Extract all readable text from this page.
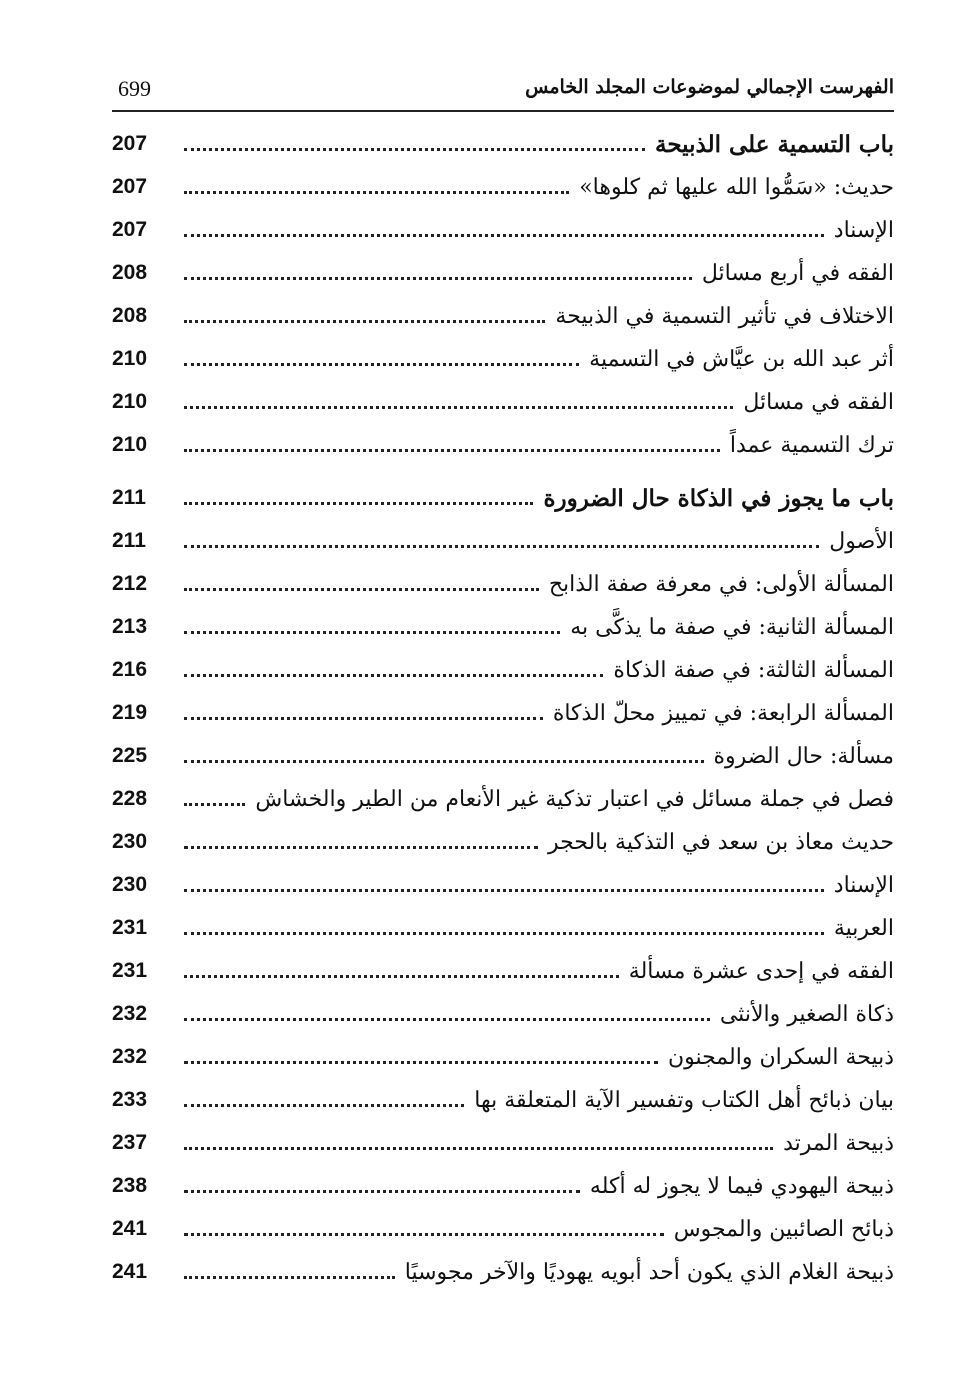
الفهرست الإجمالي لموضوعات المجلد الخامس
699
باب التسمية على الذبيحة
207
حديث: «سَمُّوا الله عليها ثم كلوها»
207
الإسناد
207
الفقه في أربع مسائل
208
الاختلاف في تأثير التسمية في الذبيحة
208
أثر عبد الله بن عيَّاش في التسمية
210
الفقه في مسائل
210
ترك التسمية عمداً
210
باب ما يجوز في الذكاة حال الضرورة
211
الأصول
211
المسألة الأولى: في معرفة صفة الذابح
212
المسألة الثانية: في صفة ما يذكَّى به
213
المسألة الثالثة: في صفة الذكاة
216
المسألة الرابعة: في تمييز محلّ الذكاة
219
مسألة: حال الضروة
225
فصل في جملة مسائل في اعتبار تذكية غير الأنعام من الطير والخشاش
228
حديث معاذ بن سعد في التذكية بالحجر
230
الإسناد
230
العربية
231
الفقه في إحدى عشرة مسألة
231
ذكاة الصغير والأنثى
232
ذبيحة السكران والمجنون
232
بيان ذبائح أهل الكتاب وتفسير الآية المتعلقة بها
233
ذبيحة المرتد
237
ذبيحة اليهودي فيما لا يجوز له أكله
238
ذبائح الصائبين والمجوس
241
ذبيحة الغلام الذي يكون أحد أبويه يهوديًا والآخر مجوسيًا
241
